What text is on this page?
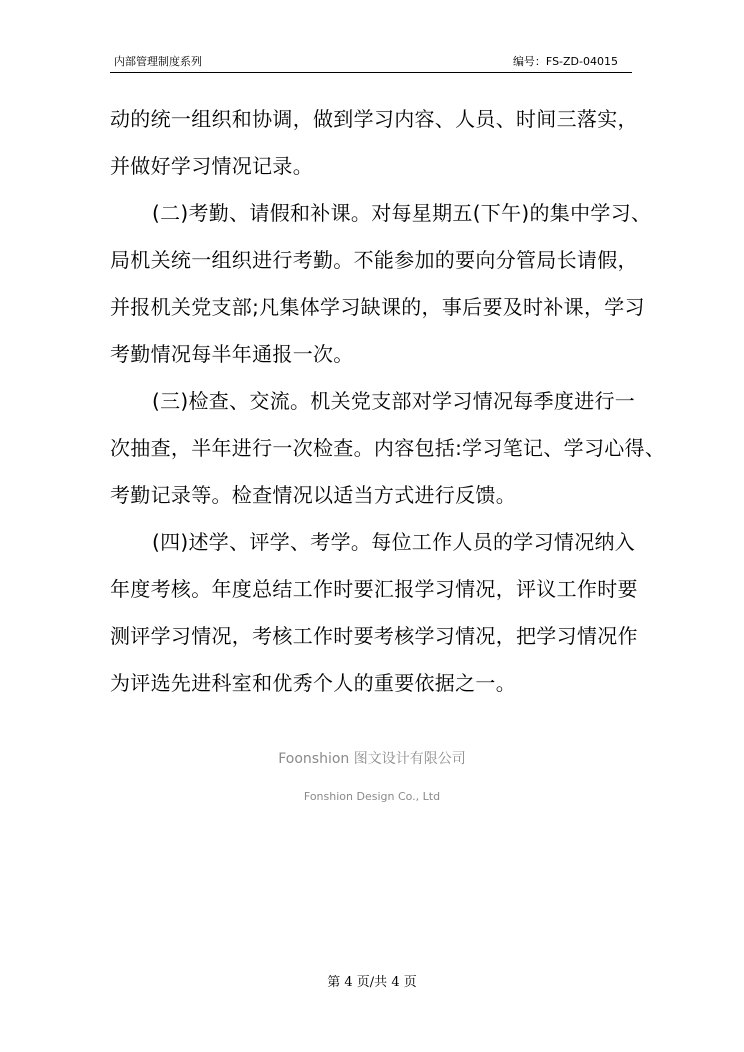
内部管理制度系列	编号：FS-ZD-04015

动的统一组织和协调，做到学习内容、人员、时间三落实，
并做好学习情况记录。

(二)考勤、请假和补课。对每星期五(下午)的集中学习、
局机关统一组织进行考勤。不能参加的要向分管局长请假，
并报机关党支部;凡集体学习缺课的，事后要及时补课，学习
考勤情况每半年通报一次。

(三)检查、交流。机关党支部对学习情况每季度进行一
次抽查，半年进行一次检查。内容包括:学习笔记、学习心得、
考勤记录等。检查情况以适当方式进行反馈。

(四)述学、评学、考学。每位工作人员的学习情况纳入
年度考核。年度总结工作时要汇报学习情况，评议工作时要
测评学习情况，考核工作时要考核学习情况，把学习情况作
为评选先进科室和优秀个人的重要依据之一。

Foonshion 图文设计有限公司
Fonshion Design Co., Ltd
第 4 页/共 4 页
